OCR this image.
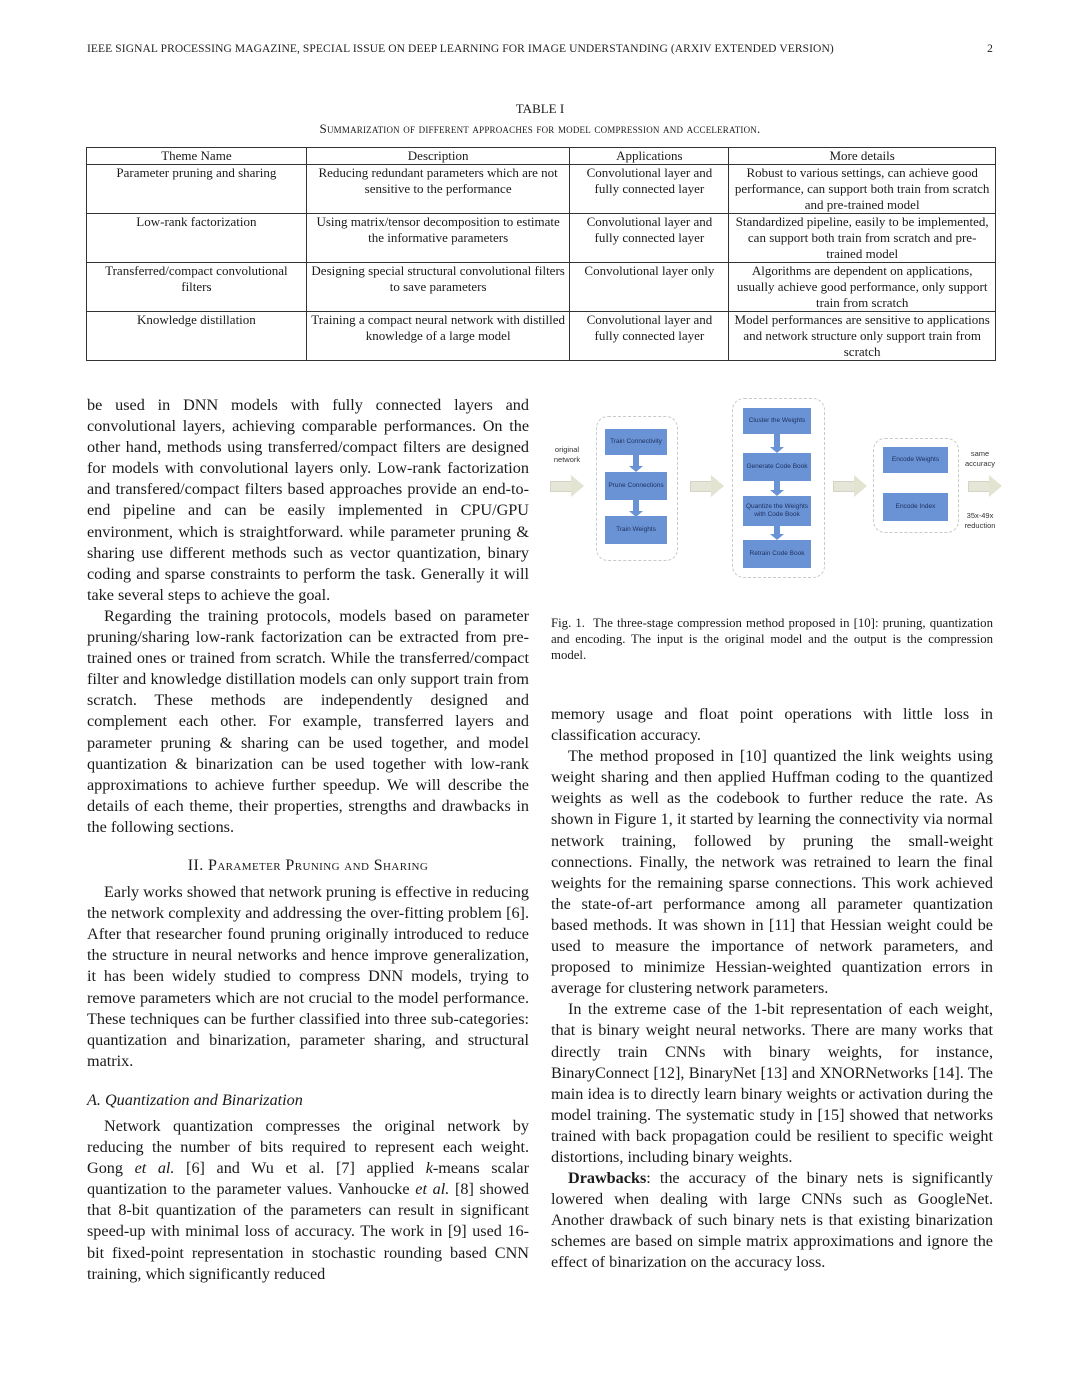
IEEE SIGNAL PROCESSING MAGAZINE, SPECIAL ISSUE ON DEEP LEARNING FOR IMAGE UNDERSTANDING (ARXIV EXTENDED VERSION)	2
TABLE I
Summarization of different approaches for model compression and acceleration.
Theme Name	Description	Applications	More details
Parameter pruning and sharing	Reducing redundant parameters which are not sensitive to the performance	Convolutional layer and fully connected layer	Robust to various settings, can achieve good performance, can support both train from scratch and pre-trained model
Low-rank factorization	Using matrix/tensor decomposition to estimate the informative parameters	Convolutional layer and fully connected layer	Standardized pipeline, easily to be implemented, can support both train from scratch and pre-trained model
Transferred/compact convolutional filters	Designing special structural convolutional filters to save parameters	Convolutional layer only	Algorithms are dependent on applications, usually achieve good performance, only support train from scratch
Knowledge distillation	Training a compact neural network with distilled knowledge of a large model	Convolutional layer and fully connected layer	Model performances are sensitive to applications and network structure only support train from scratch

be used in DNN models with fully connected layers and convolutional layers, achieving comparable performances. On the other hand, methods using transferred/compact filters are designed for models with convolutional layers only. Low-rank factorization and transfered/compact filters based approaches provide an end-to-end pipeline and can be easily implemented in CPU/GPU environment, which is straightforward. while parameter pruning & sharing use different methods such as vector quantization, binary coding and sparse constraints to perform the task. Generally it will take several steps to achieve the goal.

Regarding the training protocols, models based on parameter pruning/sharing low-rank factorization can be extracted from pre-trained ones or trained from scratch. While the transferred/compact filter and knowledge distillation models can only support train from scratch. These methods are independently designed and complement each other. For example, transferred layers and parameter pruning & sharing can be used together, and model quantization & binarization can be used together with low-rank approximations to achieve further speedup. We will describe the details of each theme, their properties, strengths and drawbacks in the following sections.

II. Parameter Pruning and Sharing

Early works showed that network pruning is effective in reducing the network complexity and addressing the over-fitting problem [6]. After that researcher found pruning originally introduced to reduce the structure in neural networks and hence improve generalization, it has been widely studied to compress DNN models, trying to remove parameters which are not crucial to the model performance. These techniques can be further classified into three sub-categories: quantization and binarization, parameter sharing, and structural matrix.

A. Quantization and Binarization

Network quantization compresses the original network by reducing the number of bits required to represent each weight. Gong et al. [6] and Wu et al. [7] applied k-means scalar quantization to the parameter values. Vanhoucke et al. [8] showed that 8-bit quantization of the parameters can result in significant speed-up with minimal loss of accuracy. The work in [9] used 16-bit fixed-point representation in stochastic rounding based CNN training, which significantly reduced

original network
Train Connectivity
Prune Connections
Train Weights
Cluster the Weights
Generate Code Book
Quantize the Weights with Code Book
Retrain Code Book
Encode Weights
Encode Index
same accuracy
35x-49x reduction
Fig. 1. The three-stage compression method proposed in [10]: pruning, quantization and encoding. The input is the original model and the output is the compression model.

memory usage and float point operations with little loss in classification accuracy.

The method proposed in [10] quantized the link weights using weight sharing and then applied Huffman coding to the quantized weights as well as the codebook to further reduce the rate. As shown in Figure 1, it started by learning the connectivity via normal network training, followed by pruning the small-weight connections. Finally, the network was retrained to learn the final weights for the remaining sparse connections. This work achieved the state-of-art performance among all parameter quantization based methods. It was shown in [11] that Hessian weight could be used to measure the importance of network parameters, and proposed to minimize Hessian-weighted quantization errors in average for clustering network parameters.

In the extreme case of the 1-bit representation of each weight, that is binary weight neural networks. There are many works that directly train CNNs with binary weights, for instance, BinaryConnect [12], BinaryNet [13] and XNORNetworks [14]. The main idea is to directly learn binary weights or activation during the model training. The systematic study in [15] showed that networks trained with back propagation could be resilient to specific weight distortions, including binary weights.

Drawbacks: the accuracy of the binary nets is significantly lowered when dealing with large CNNs such as GoogleNet. Another drawback of such binary nets is that existing binarization schemes are based on simple matrix approximations and ignore the effect of binarization on the accuracy loss.
